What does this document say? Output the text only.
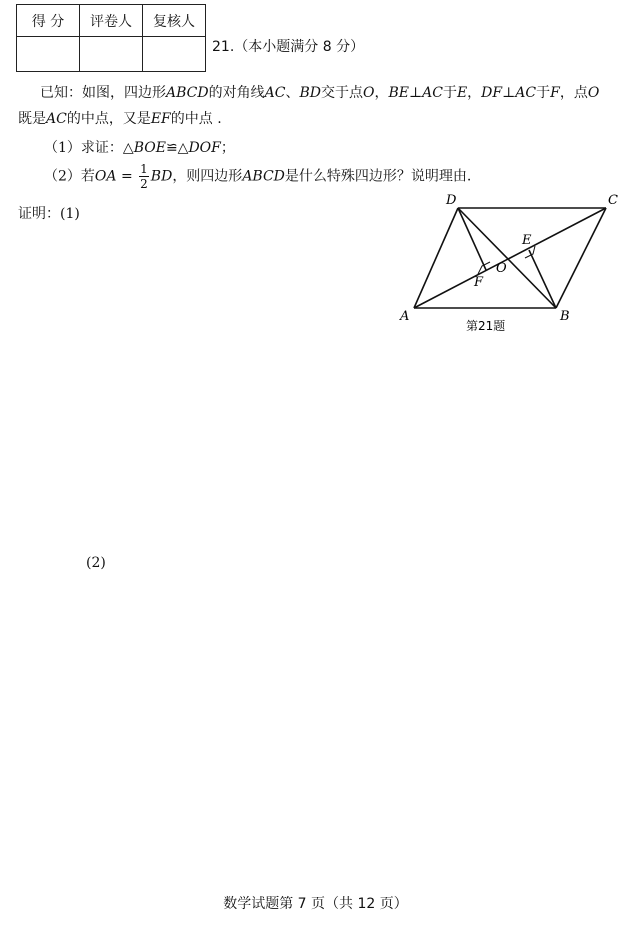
得 分	评卷人	复核人

21.（本小题满分 8 分）
已知：如图，四边形ABCD的对角线AC、BD交于点O，BE⊥AC于E，DF⊥AC于F，点O
既是AC的中点，又是EF的中点 .
（1）求证：△BOE≌△DOF；
（2）若OA = $\frac{1}{2}$ BD，则四边形ABCD是什么特殊四边形？说明理由.
证明：(1)
A	B
C
D
E
F
O
第21题
(2)
数学试题第 7 页（共 12 页）
